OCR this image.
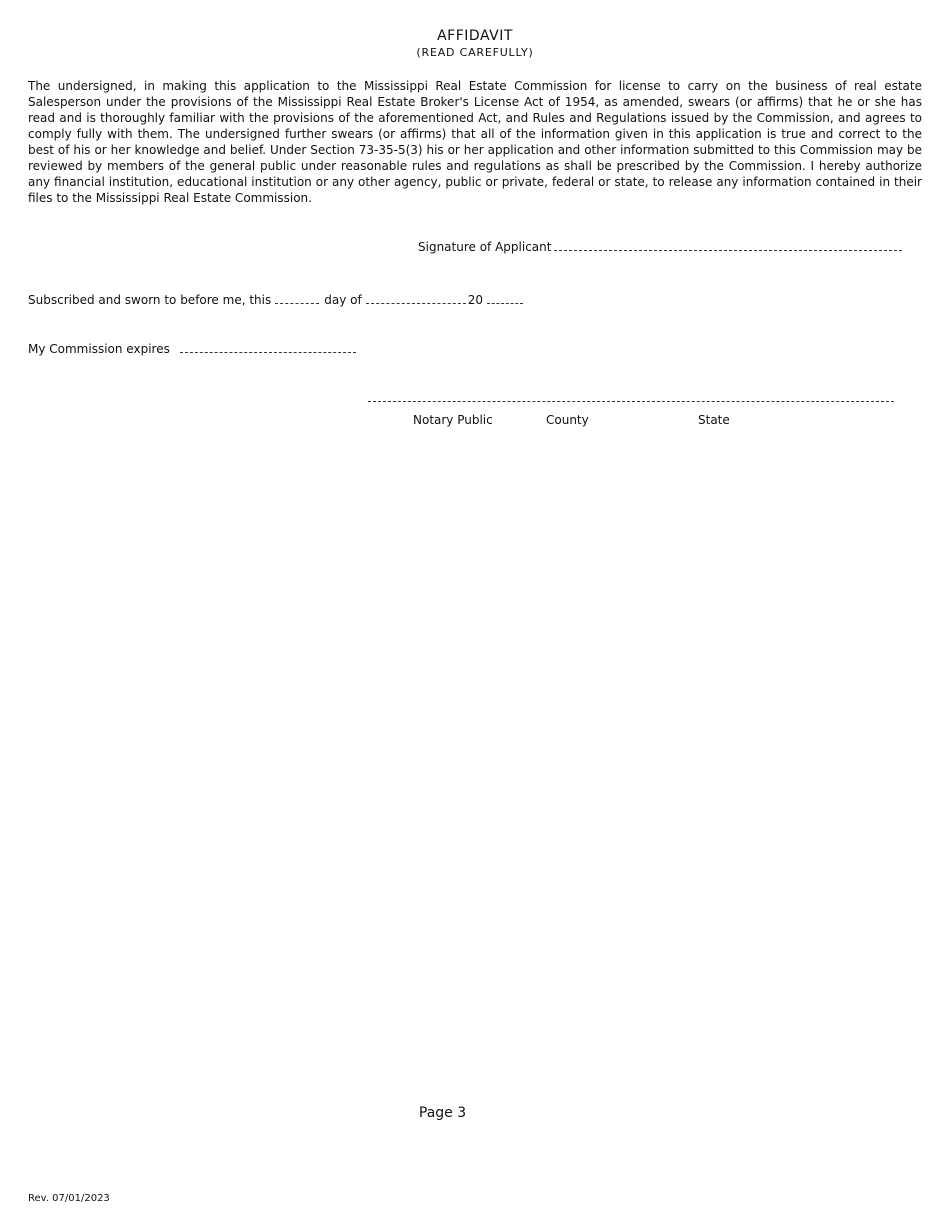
AFFIDAVIT
(READ CAREFULLY)
The undersigned, in making this application to the Mississippi Real Estate Commission for license to carry on the business of real estate Salesperson under the provisions of the Mississippi Real Estate Broker's License Act of 1954, as amended, swears (or affirms) that he or she has read and is thoroughly familiar with the provisions of the aforementioned Act, and Rules and Regulations issued by the Commission, and agrees to comply fully with them. The undersigned further swears (or affirms) that all of the information given in this application is true and correct to the best of his or her knowledge and belief. Under Section 73-35-5(3) his or her application and other information submitted to this Commission may be reviewed by members of the general public under reasonable rules and regulations as shall be prescribed by the Commission. I hereby authorize any financial institution, educational institution or any other agency, public or private, federal or state, to release any information contained in their files to the Mississippi Real Estate Commission.
Signature of Applicant
Subscribed and sworn to before me, this	day of	20
My Commission expires
Notary Public	County	State
Page 3
Rev. 07/01/2023
